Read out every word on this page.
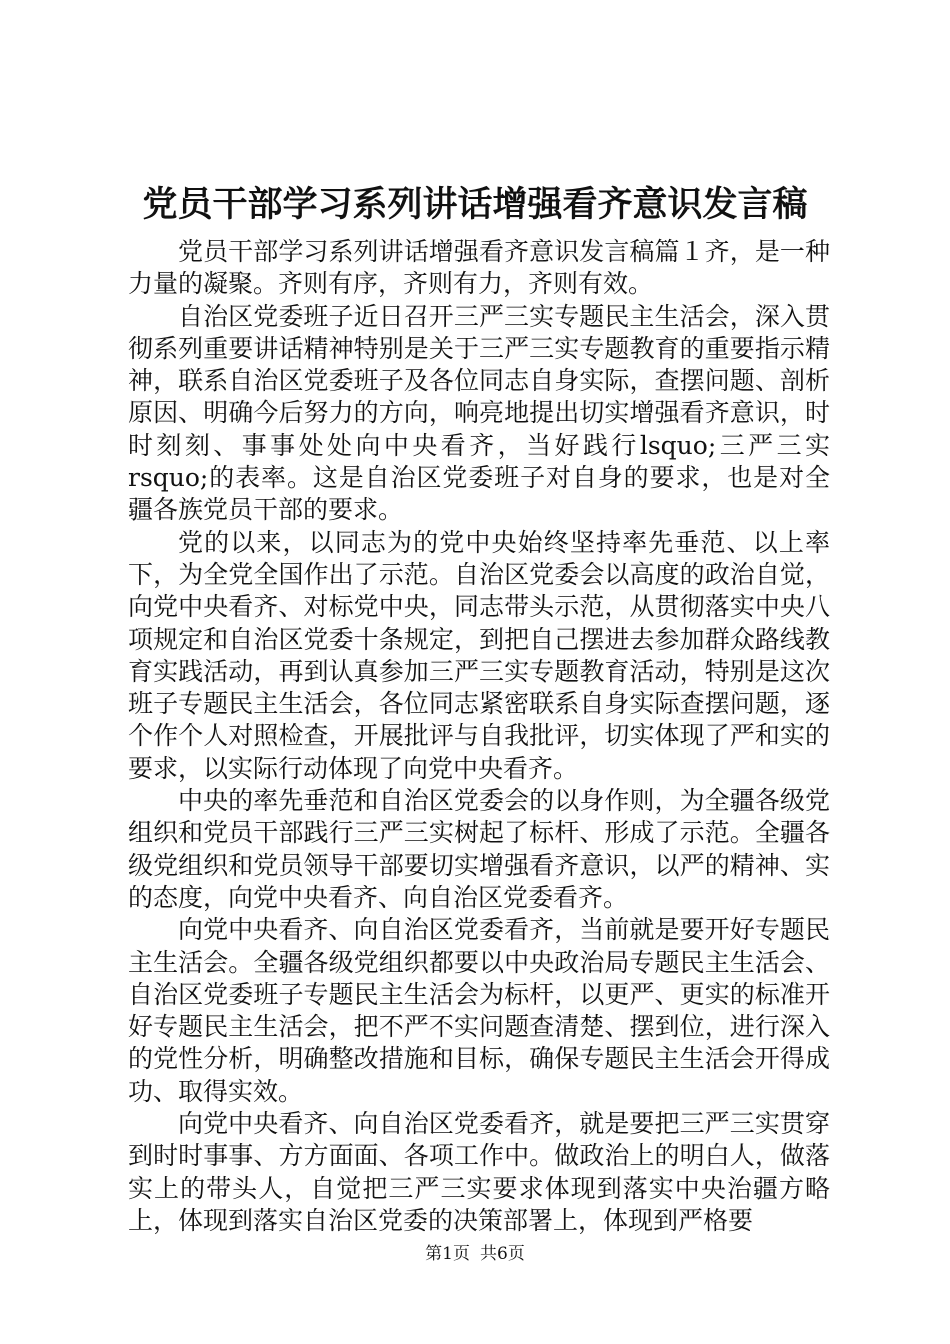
党员干部学习系列讲话增强看齐意识发言稿

党员干部学习系列讲话增强看齐意识发言稿篇１齐，是一种力量的凝聚。齐则有序，齐则有力，齐则有效。

自治区党委班子近日召开三严三实专题民主生活会，深入贯彻系列重要讲话精神特别是关于三严三实专题教育的重要指示精神，联系自治区党委班子及各位同志自身实际，查摆问题、剖析原因、明确今后努力的方向，响亮地提出切实增强看齐意识，时时刻刻、事事处处向中央看齐，当好践行lsquo;三严三实rsquo;的表率。这是自治区党委班子对自身的要求，也是对全疆各族党员干部的要求。

党的以来，以同志为的党中央始终坚持率先垂范、以上率下，为全党全国作出了示范。自治区党委会以高度的政治自觉，向党中央看齐、对标党中央，同志带头示范，从贯彻落实中央八项规定和自治区党委十条规定，到把自己摆进去参加群众路线教育实践活动，再到认真参加三严三实专题教育活动，特别是这次班子专题民主生活会，各位同志紧密联系自身实际查摆问题，逐个作个人对照检查，开展批评与自我批评，切实体现了严和实的要求，以实际行动体现了向党中央看齐。

中央的率先垂范和自治区党委会的以身作则，为全疆各级党组织和党员干部践行三严三实树起了标杆、形成了示范。全疆各级党组织和党员领导干部要切实增强看齐意识，以严的精神、实的态度，向党中央看齐、向自治区党委看齐。

向党中央看齐、向自治区党委看齐，当前就是要开好专题民主生活会。全疆各级党组织都要以中央政治局专题民主生活会、自治区党委班子专题民主生活会为标杆，以更严、更实的标准开好专题民主生活会，把不严不实问题查清楚、摆到位，进行深入的党性分析，明确整改措施和目标，确保专题民主生活会开得成功、取得实效。

向党中央看齐、向自治区党委看齐，就是要把三严三实贯穿到时时事事、方方面面、各项工作中。做政治上的明白人，做落实上的带头人，自觉把三严三实要求体现到落实中央治疆方略上，体现到落实自治区党委的决策部署上，体现到严格要

第1页 共6页
